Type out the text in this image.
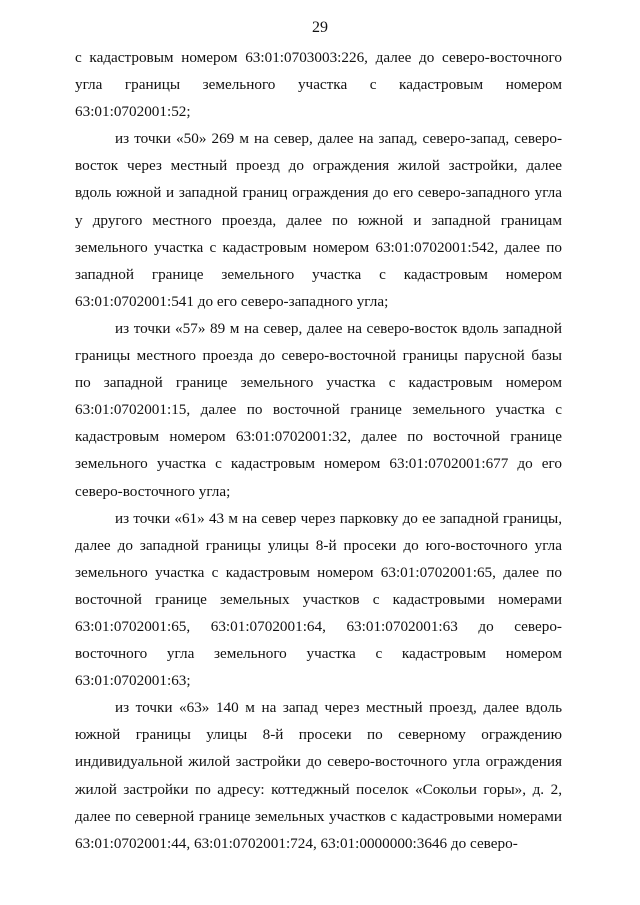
29

с кадастровым номером 63:01:0703003:226, далее до северо-восточного угла границы земельного участка с кадастровым номером 63:01:0702001:52;

из точки «50» 269 м на север, далее на запад, северо-запад, северо-восток через местный проезд до ограждения жилой застройки, далее вдоль южной и западной границ ограждения до его северо-западного угла у другого местного проезда, далее по южной и западной границам земельного участка с кадастровым номером 63:01:0702001:542, далее по западной границе земельного участка с кадастровым номером 63:01:0702001:541 до его северо-западного угла;

из точки «57» 89 м на север, далее на северо-восток вдоль западной границы местного проезда до северо-восточной границы парусной базы по западной границе земельного участка с кадастровым номером 63:01:0702001:15, далее по восточной границе земельного участка с кадастровым номером 63:01:0702001:32, далее по восточной границе земельного участка с кадастровым номером 63:01:0702001:677 до его северо-восточного угла;

из точки «61» 43 м на север через парковку до ее западной границы, далее до западной границы улицы 8-й просеки до юго-восточного угла земельного участка с кадастровым номером 63:01:0702001:65, далее по восточной границе земельных участков с кадастровыми номерами 63:01:0702001:65, 63:01:0702001:64, 63:01:0702001:63 до северо-восточного угла земельного участка с кадастровым номером 63:01:0702001:63;

из точки «63» 140 м на запад через местный проезд, далее вдоль южной границы улицы 8-й просеки по северному ограждению индивидуальной жилой застройки до северо-восточного угла ограждения жилой застройки по адресу: коттеджный поселок «Сокольи горы», д. 2, далее по северной границе земельных участков с кадастровыми номерами 63:01:0702001:44, 63:01:0702001:724, 63:01:0000000:3646 до северо-
